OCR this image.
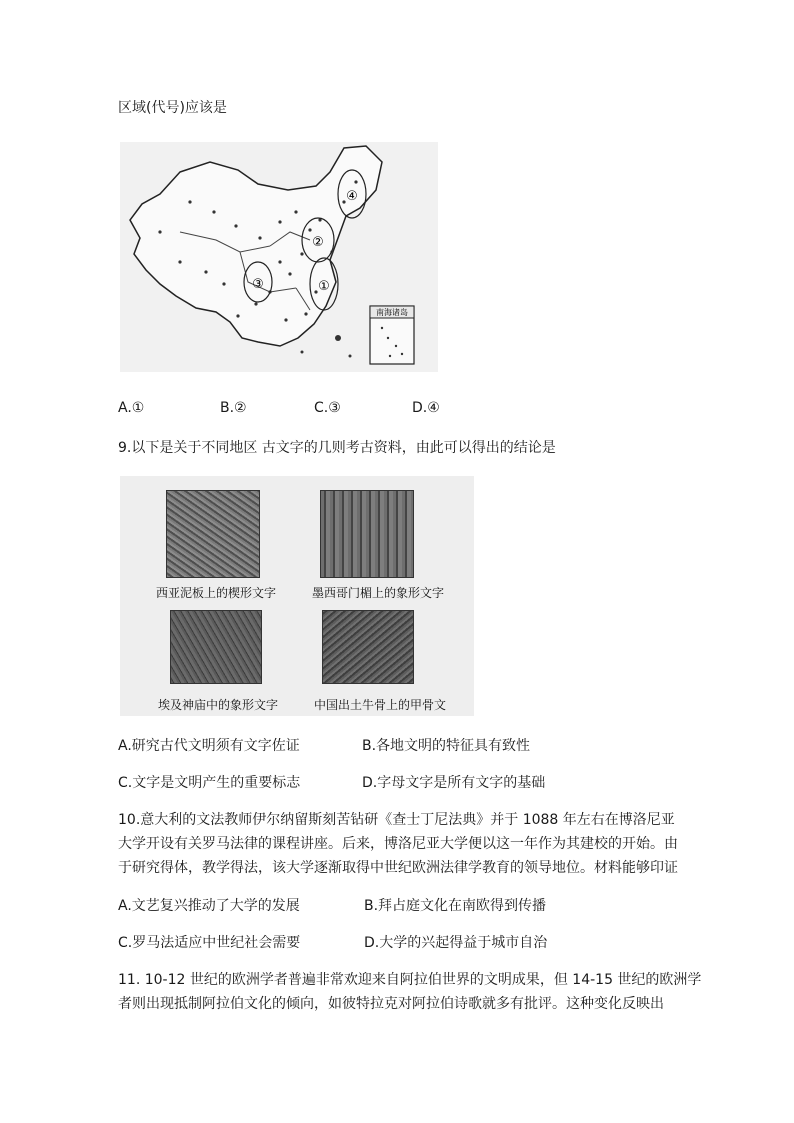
区域(代号)应该是
①
②
③
④
南海诸岛
A.①	B.②	C.③	D.④
9.以下是关于不同地区 古文字的几则考古资料，由此可以得出的结论是
西亚泥板上的楔形文字	墨西哥门楣上的象形文字
埃及神庙中的象形文字	中国出土牛骨上的甲骨文
A.研究古代文明须有文字佐证	B.各地文明的特征具有致性
C.文字是文明产生的重要标志	D.字母文字是所有文字的基础
10.意大利的文法教师伊尔纳留斯刻苦钻研《查士丁尼法典》并于 1088 年左右在博洛尼亚
大学开设有关罗马法律的课程讲座。后来，博洛尼亚大学便以这一年作为其建校的开始。由
于研究得体，教学得法，该大学逐渐取得中世纪欧洲法律学教育的领导地位。材料能够印证
A.文艺复兴推动了大学的发展	B.拜占庭文化在南欧得到传播
C.罗马法适应中世纪社会需要	D.大学的兴起得益于城市自治
11. 10-12 世纪的欧洲学者普遍非常欢迎来自阿拉伯世界的文明成果，但 14-15 世纪的欧洲学
者则出现抵制阿拉伯文化的倾向，如彼特拉克对阿拉伯诗歌就多有批评。这种变化反映出
